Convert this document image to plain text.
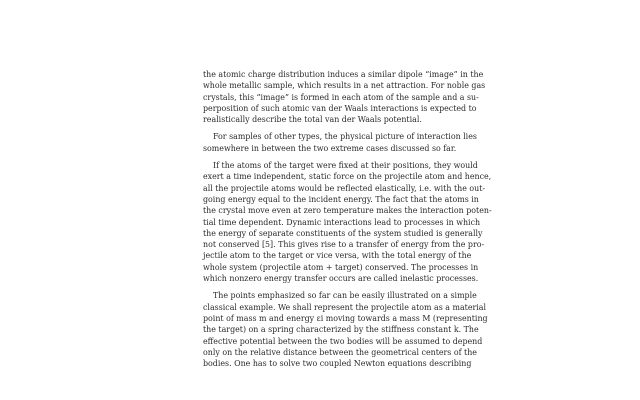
the atomic charge distribution induces a similar dipole “image” in the
whole metallic sample, which results in a net attraction. For noble gas
crystals, this “image” is formed in each atom of the sample and a su-
perposition of such atomic van der Waals interactions is expected to
realistically describe the total van der Waals potential.
For samples of other types, the physical picture of interaction lies
somewhere in between the two extreme cases discussed so far.
If the atoms of the target were fixed at their positions, they would
exert a time independent, static force on the projectile atom and hence,
all the projectile atoms would be reflected elastically, i.e. with the out-
going energy equal to the incident energy. The fact that the atoms in
the crystal move even at zero temperature makes the interaction poten-
tial time dependent. Dynamic interactions lead to processes in which
the energy of separate constituents of the system studied is generally
not conserved [5]. This gives rise to a transfer of energy from the pro-
jectile atom to the target or vice versa, with the total energy of the
whole system (projectile atom + target) conserved. The processes in
which nonzero energy transfer occurs are called inelastic processes.
The points emphasized so far can be easily illustrated on a simple
classical example. We shall represent the projectile atom as a material
point of mass m and energy εi moving towards a mass M (representing
the target) on a spring characterized by the stiffness constant k. The
effective potential between the two bodies will be assumed to depend
only on the relative distance between the geometrical centers of the
bodies. One has to solve two coupled Newton equations describing
